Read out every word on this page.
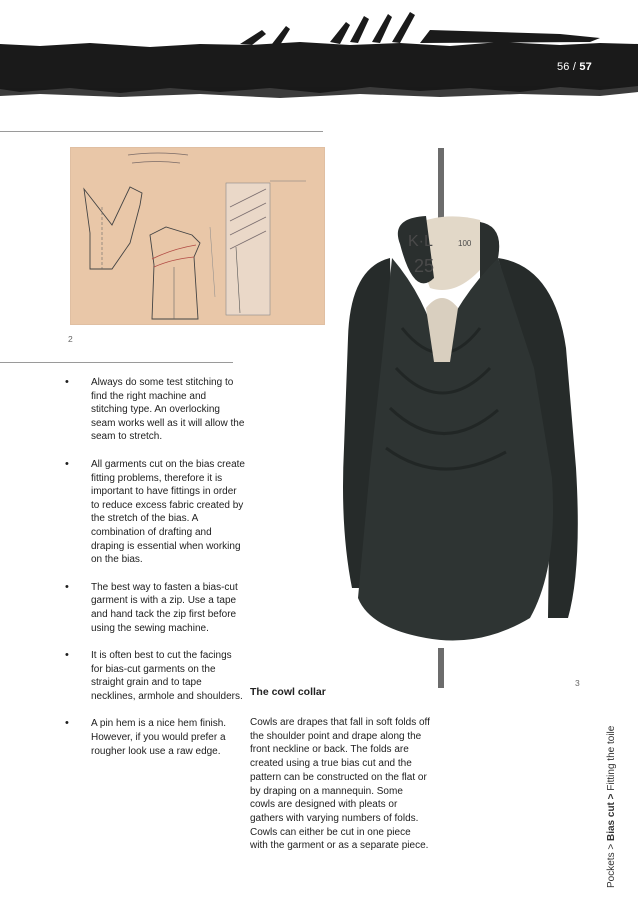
56 / 57
2
• Always do some test stitching to find the right machine and stitching type. An overlocking seam works well as it will allow the seam to stretch.
• All garments cut on the bias create fitting problems, therefore it is important to have fittings in order to reduce excess fabric created by the stretch of the bias. A combination of drafting and draping is essential when working on the bias.
• The best way to fasten a bias-cut garment is with a zip. Use a tape and hand tack the zip first before using the sewing machine.
• It is often best to cut the facings for bias-cut garments on the straight grain and to tape necklines, armhole and shoulders.
• A pin hem is a nice hem finish. However, if you would prefer a rougher look use a raw edge.
K·L
25
100
3
The cowl collar

Cowls are drapes that fall in soft folds off the shoulder point and drape along the front neckline or back. The folds are created using a true bias cut and the pattern can be constructed on the flat or by draping on a mannequin. Some cowls are designed with pleats or gathers with varying numbers of folds. Cowls can either be cut in one piece with the garment or as a separate piece.

Pockets > Bias cut > Fitting the toile
